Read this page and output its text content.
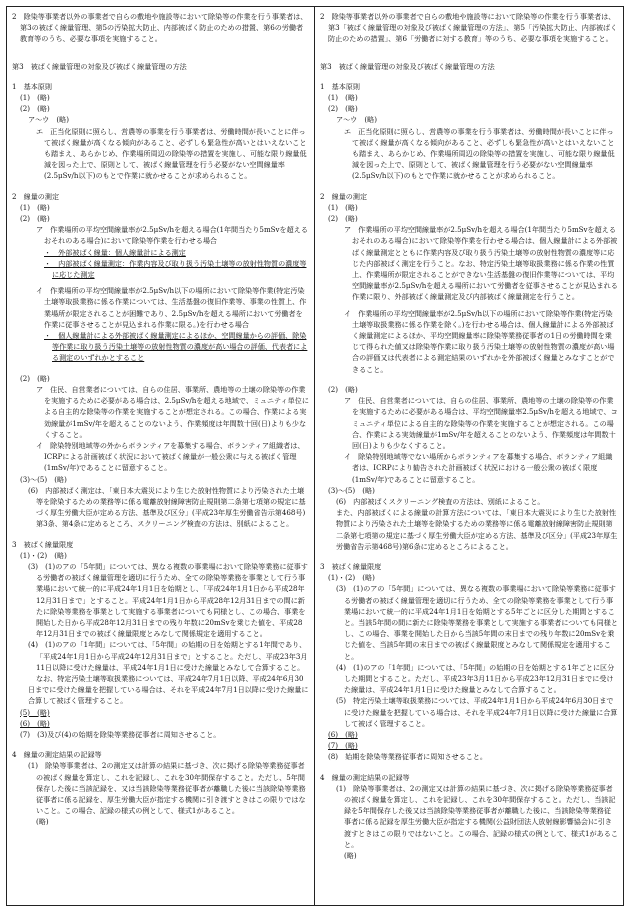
2　除染等事業者以外の事業者で自らの敷地や施設等において除染等の作業を行う事業者は、第3の被ばく線量管理、第5の汚染拡大防止、内部被ばく防止のための措置、第6の労働者教育等のうち、必要な事項を実施すること。

第3　被ばく線量管理の対象及び被ばく線量管理の方法

1　基本原則

(1)　(略)

(2)　(略)

ア～ウ　(略)

エ　正当化原則に照らし、営農等の事業を行う事業者は、労働時間が長いことに伴って被ばく線量が高くなる傾向があること、必ずしも緊急性が高いとはいえないことも踏まえ、あらかじめ、作業場所周辺の除染等の措置を実施し、可能な限り線量低減を図った上で、原則として、被ばく線量管理を行う必要がない空間線量率(2.5μSv/h以下)のもとで作業に就かせることが求められること。

2　線量の測定

(1)　(略)

(2)　(略)

ア　作業場所の平均空間線量率が2.5μSv/hを超える場合(1年間当たり5mSvを超えるおそれのある場合)において除染等作業を行わせる場合

・　外部被ばく線量：個人線量計による測定

・　内部被ばく線量測定：作業内容及び取り扱う汚染土壌等の放射性物質の濃度等に応じた測定

イ　作業場所の平均空間線量率が2.5μSv/h以下の場所において除染等作業(特定汚染土壌等取扱業務に係る作業については、生活基盤の復旧作業等、事業の性質上、作業場所が限定されることが困難であり、2.5μSv/hを超える場所において労働者を作業に従事させることが見込まれる作業に限る。)を行わせる場合

・　個人線量計による外部被ばく線量測定によるほか、空間線量からの評価、除染等作業に取り扱う汚染土壌等の放射性物質の濃度が高い場合の評価、代表者による測定のいずれかとすること

(2)　(略)

ア　住民、自営業者については、自らの住居、事業所、農地等の土壌の除染等の作業を実施するために必要がある場合は、2.5μSv/hを超える地域で、ミュニティ単位による自主的な除染等の作業を実施することが想定される。この場合、作業による実効線量が1mSv/年を超えることのないよう、作業頻度は年間数十回(日)よりも少なくすること。

イ　除染特別地域等の外からボランティアを募集する場合、ボランティア組織者は、ICRPによる計画被ばく状況において被ばく線量が一般公衆に与える被ばく管理(1mSv/年)であることに留意すること。

(3)～(5)　(略)

(6)　内部被ばく測定は、「東日本大震災により生じた放射性物質により汚染された土壌等を除染するための業務等に係る電離放射線障害防止規則第二条第七項第の規定に基づく厚生労働大臣が定める方法、基準及び区分」(平成23年厚生労働省告示第468号)第3条、第4条に定めるところ、スクリーニング検査の方法は、別紙によること。

3　被ばく線量限度

(1)・(2)　(略)

(3)　(1)のアの「5年間」については、異なる複数の事業場において除染等業務に従事する労働者の被ばく線量管理を適切に行うため、全ての除染等業務を事業として行う事業場において統一的に平成24年1月1日を始期とし、「平成24年1月1日から平成28年12月31日まで」とすること。平成24年1月1日から平成28年12月31日までの間に新たに除染等業務を事業として実施する事業者についても同様とし、この場合、事業を開始した日から平成28年12月31日までの残り年数に20mSvを乗じた値を、平成28年12月31日までの被ばく線量限度とみなして関係規定を適用すること。

(4)　(1)のアの「1年間」については、「5年間」の始期の日を始期とする1年間であり、「平成24年1月1日から平成24年12月31日まで」とすること。ただし、平成23年3月11日以降に受けた線量は、平成24年1月1日に受けた線量とみなして合算すること。

なお、特定汚染土壌等取扱業務については、平成24年7月1日以降、平成24年6月30日までに受けた線量を把握している場合は、それを平成24年7月1日以降に受けた線量に合算して被ばく管理すること。

(5)　(略)

(6)　(略)

(7)　(3)及び(4)の始期を除染等業務従事者に周知させること。

4　線量の測定結果の記録等

(1)　除染等事業者は、2の測定又は計算の結果に基づき、次に掲げる除染等業務従事者の被ばく線量を算定し、これを記録し、これを30年間保存すること。ただし、5年間保存した後に当該記録を、又は当該除染等業務従事者が離職した後に当該除染等業務従事者に係る記録を、厚生労働大臣が指定する機関に引き渡すときはこの限りではないこと。この場合、記録の様式の例として、様式1があること。

(略)

2　除染等事業者以外の事業者で自らの敷地や施設等において除染等の作業を行う事業者は、第3「被ばく線量管理の対象及び被ばく線量管理の方法」、第5「汚染拡大防止、内部被ばく防止のための措置」、第6「労働者に対する教育」等のうち、必要な事項を実施すること。

第3　被ばく線量管理の対象及び被ばく線量管理の方法

1　基本原則

(1)　(略)

(2)　(略)

ア～ウ　(略)

エ　正当化原則に照らし、営農等の事業を行う事業者は、労働時間が長いことに伴って被ばく線量が高くなる傾向があること、必ずしも緊急性が高いとはいえないことも踏まえ、あらかじめ、作業場所周辺の除染等の措置を実施し、可能な限り線量低減を図った上で、原則として、被ばく線量管理を行う必要がない空間線量率(2.5μSv/h以下)のもとで作業に就かせることが求められること。

2　線量の測定

(1)　(略)

(2)　(略)

ア　作業場所の平均空間線量率が2.5μSv/hを超える場合(1年間当たり5mSvを超えるおそれのある場合)において除染等作業を行わせる場合は、個人線量計による外部被ばく線量測定とともに作業内容及び取り扱う汚染土壌等の放射性物質の濃度等に応じた内部被ばく測定を行うこと。なお、特定汚染土壌等取扱業務に係る作業の性質上、作業場所が限定されることができない生活基盤の復旧作業等については、平均空間線量率が2.5μSv/hを超える場所において労働者を従事させることが見込まれる作業に限り、外部被ばく線量測定及び内部被ばく線量測定を行うこと。

イ　作業場所の平均空間線量率が2.5μSv/h以下の場所において除染等作業(特定汚染土壌等取扱業務に係る作業を除く。)を行わせる場合は、個人線量計による外部被ばく線量測定によるほか、平均空間線量率に除染等業務従事者の1日の労働時間を乗じて得られた値又は除染等作業に取り扱う汚染土壌等の放射性物質の濃度が高い場合の評価又は代表者による測定結果のいずれかを外部被ばく線量とみなすことができること。

(2)　(略)

ア　住民、自営業者については、自らの住居、事業所、農地等の土壌の除染等の作業を実施するために必要がある場合は、平均空間線量率2.5μSv/hを超える地域で、コミュニティ単位による自主的な除染等の作業を実施することが想定される。この場合、作業による実効線量が1mSv/年を超えることのないよう、作業頻度は年間数十回(日)よりも少なくすること。

イ　除染特別地域等でない場所からボランティアを募集する場合、ボランティア組織者は、ICRPにより勧告された計画被ばく状況における一般公衆の被ばく限度(1mSv/年)であることに留意すること。

(3)～(5)　(略)

(6)　内部被ばくスクリーニング検査の方法は、別紙によること。

また、内部被ばくによる線量の計算方法については、「東日本大震災により生じた放射性物質により汚染された土壌等を除染するための業務等に係る電離放射線障害防止規則第二条第七項第の規定に基づく厚生労働大臣が定める方法、基準及び区分」(平成23年厚生労働省告示第468号)第6条に定めるところによること。

3　被ばく線量限度

(1)・(2)　(略)

(3)　(1)のアの「5年間」については、異なる複数の事業場において除染等業務に従事する労働者の被ばく線量管理を適切に行うため、全ての除染等業務を事業として行う事業場において統一的に平成24年1月1日を始期とする5年ごとに区分した期間とすること。当該5年間の間に新たに除染等業務を事業として実施する事業者についても同様とし、この場合、事業を開始した日から当該5年間の末日までの残り年数に20mSvを乗じた値を、当該5年間の末日までの被ばく線量限度とみなして関係規定を適用すること。

(4)　(1)のアの「1年間」については、「5年間」の始期の日を始期とする1年ごとに区分した期間とすること。ただし、平成23年3月11日から平成23年12月31日までに受けた線量は、平成24年1月1日に受けた線量とみなして合算すること。

(5)　特定汚染土壌等取扱業務については、平成24年1月1日から平成24年6月30日までに受けた線量を把握している場合は、それを平成24年7月1日以降に受けた線量に合算して被ばく管理すること。

(6)　(略)

(7)　(略)

(8)　始期を除染等業務従事者に周知させること。

4　線量の測定結果の記録等

(1)　除染等事業者は、2の測定又は計算の結果に基づき、次に掲げる除染等業務従事者の被ばく線量を算定し、これを記録し、これを30年間保存すること。ただし、当該記録を5年間保存した後又は当該除染等業務従事者が離職した後に、当該除染等業務従事者に係る記録を厚生労働大臣が指定する機関(公益財団法人放射線影響協会)に引き渡すときはこの限りではないこと。この場合、記録の様式の例として、様式1があること。

(略)
